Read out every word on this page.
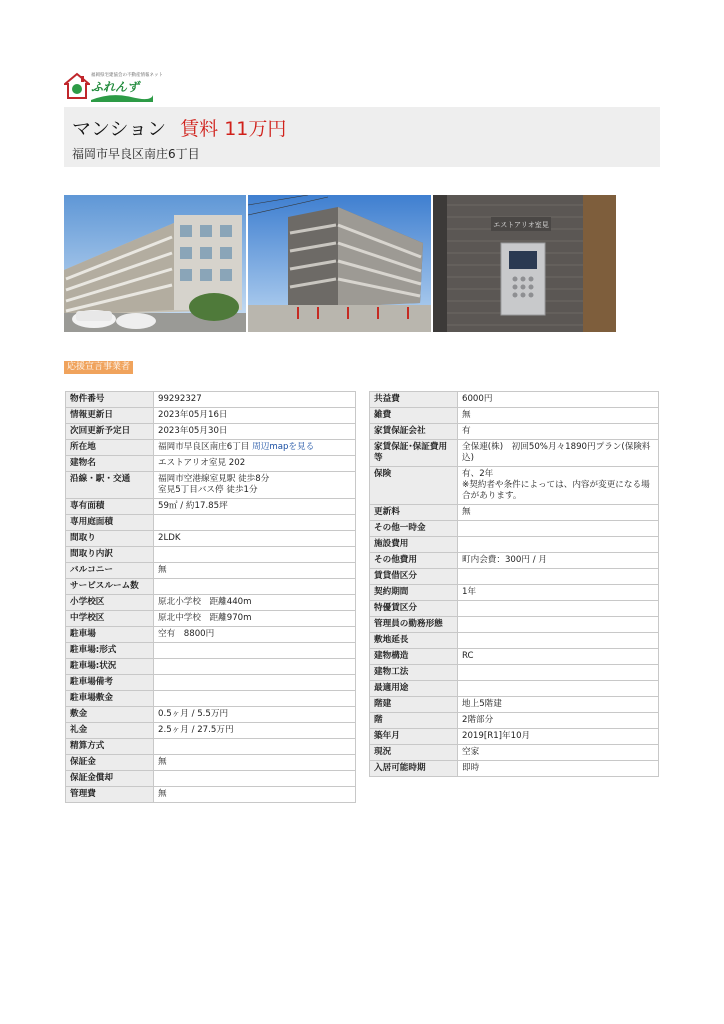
福岡県宅建協会の不動産情報ネット
ふれんず
マンション 賃料 11万円
福岡市早良区南庄6丁目
エストアリオ室見
応援宣言事業者
物件番号	99292327
情報更新日	2023年05月16日
次回更新予定日	2023年05月30日
所在地	福岡市早良区南庄6丁目 周辺mapを見る
建物名	エストアリオ室見 202
沿線・駅・交通	福岡市空港線室見駅 徒歩8分
室見5丁目バス停 徒歩1分
専有面積	59㎡ / 約17.85坪
専用庭面積	
間取り	2LDK
間取り内訳	
バルコニー	無
サービスルーム数	
小学校区	原北小学校　距離440m
中学校区	原北中学校　距離970m
駐車場	空有　8800円
駐車場:形式	
駐車場:状況	
駐車場備考	
駐車場敷金	
敷金	0.5ヶ月 / 5.5万円
礼金	2.5ヶ月 / 27.5万円
精算方式	
保証金	無
保証金償却	
管理費	無
共益費	6000円
雑費	無
家賃保証会社	有
家賃保証･保証費用等	全保連(株)　初回50%月々1890円プラン(保険料込)
保険	有、2年
※契約者や条件によっては、内容が変更になる場合があります。
更新料	無
その他一時金	
施設費用	
その他費用	町内会費：300円 / 月
賃貸借区分	
契約期間	1年
特優賃区分	
管理員の勤務形態	
敷地延長	
建物構造	RC
建物工法	
最適用途	
階建	地上5階建
階	2階部分
築年月	2019[R1]年10月
現況	空家
入居可能時期	即時
